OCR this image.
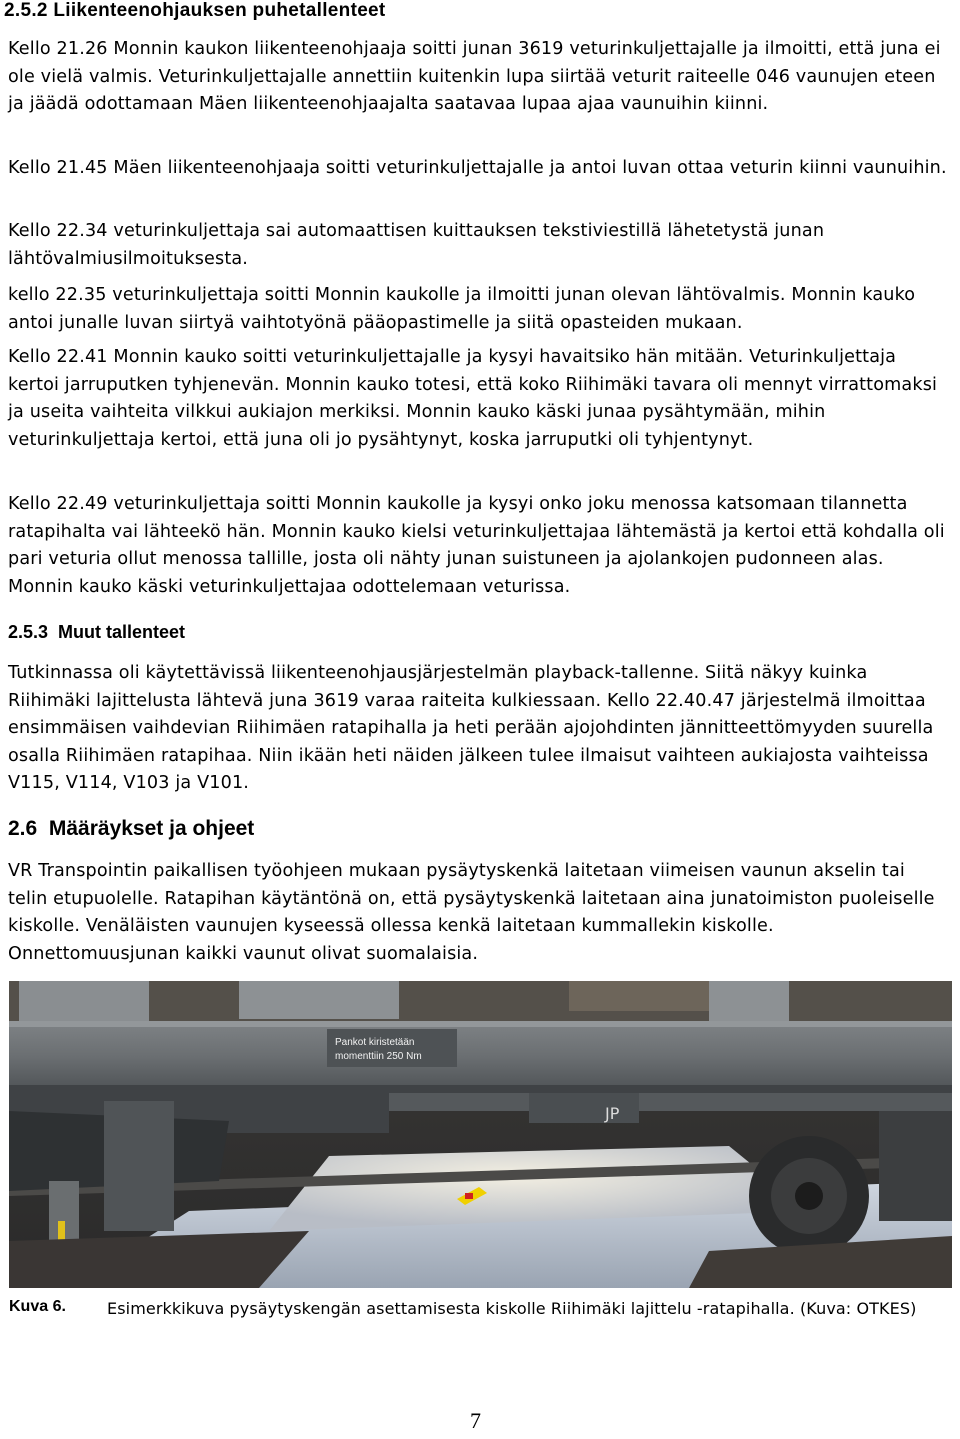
2.5.2 Liikenteenohjauksen puhetallenteet

Kello 21.26 Monnin kaukon liikenteenohjaaja soitti junan 3619 veturinkuljettajalle ja ilmoitti, että juna ei ole vielä valmis. Veturinkuljettajalle annettiin kuitenkin lupa siirtää veturit raiteelle 046 vaunujen eteen ja jäädä odottamaan Mäen liikenteenohjaajalta saatavaa lupaa ajaa vaunuihin kiinni.

Kello 21.45 Mäen liikenteenohjaaja soitti veturinkuljettajalle ja antoi luvan ottaa veturin kiinni vaunuihin.

Kello 22.34 veturinkuljettaja sai automaattisen kuittauksen tekstiviestillä lähetetystä junan lähtövalmiusilmoituksesta.

kello 22.35 veturinkuljettaja soitti Monnin kaukolle ja ilmoitti junan olevan lähtövalmis. Monnin kauko antoi junalle luvan siirtyä vaihtotyönä pääopastimelle ja siitä opasteiden mukaan.

Kello 22.41 Monnin kauko soitti veturinkuljettajalle ja kysyi havaitsiko hän mitään. Veturinkuljettaja kertoi jarruputken tyhjenevän. Monnin kauko totesi, että koko Riihimäki tavara oli mennyt virrattomaksi ja useita vaihteita vilkkui aukiajon merkiksi. Monnin kauko käski junaa pysähtymään, mihin veturinkuljettaja kertoi, että juna oli jo pysähtynyt, koska jarruputki oli tyhjentynyt.

Kello 22.49 veturinkuljettaja soitti Monnin kaukolle ja kysyi onko joku menossa katsomaan tilannetta ratapihalta vai lähteekö hän. Monnin kauko kielsi veturinkuljettajaa lähtemästä ja kertoi että kohdalla oli pari veturia ollut menossa tallille, josta oli nähty junan suistuneen ja ajolankojen pudonneen alas. Monnin kauko käski veturinkuljettajaa odottelemaan veturissa.

2.5.3  Muut tallenteet

Tutkinnassa oli käytettävissä liikenteenohjausjärjestelmän playback-tallenne. Siitä näkyy kuinka Riihimäki lajittelusta lähtevä juna 3619 varaa raiteita kulkiessaan. Kello 22.40.47 järjestelmä ilmoittaa ensimmäisen vaihdevian Riihimäen ratapihalla ja heti perään ajojohdinten jännitteettömyyden suurella osalla Riihimäen ratapihaa. Niin ikään heti näiden jälkeen tulee ilmaisut vaihteen aukiajosta vaihteissa V115, V114, V103 ja V101.

2.6  Määräykset ja ohjeet

VR Transpointin paikallisen työohjeen mukaan pysäytyskenkä laitetaan viimeisen vaunun akselin tai telin etupuolelle. Ratapihan käytäntönä on, että pysäytyskenkä laitetaan aina junatoimiston puoleiselle kiskolle. Venäläisten vaunujen kyseessä ollessa kenkä laitetaan kummallekin kiskolle. Onnettomuusjunan kaikki vaunut olivat suomalaisia.

Pankot kiristetään
momenttiin 250 Nm
JP
Kuva 6.	Esimerkkikuva pysäytyskengän asettamisesta kiskolle Riihimäki lajittelu -ratapihalla. (Kuva: OTKES)
7
